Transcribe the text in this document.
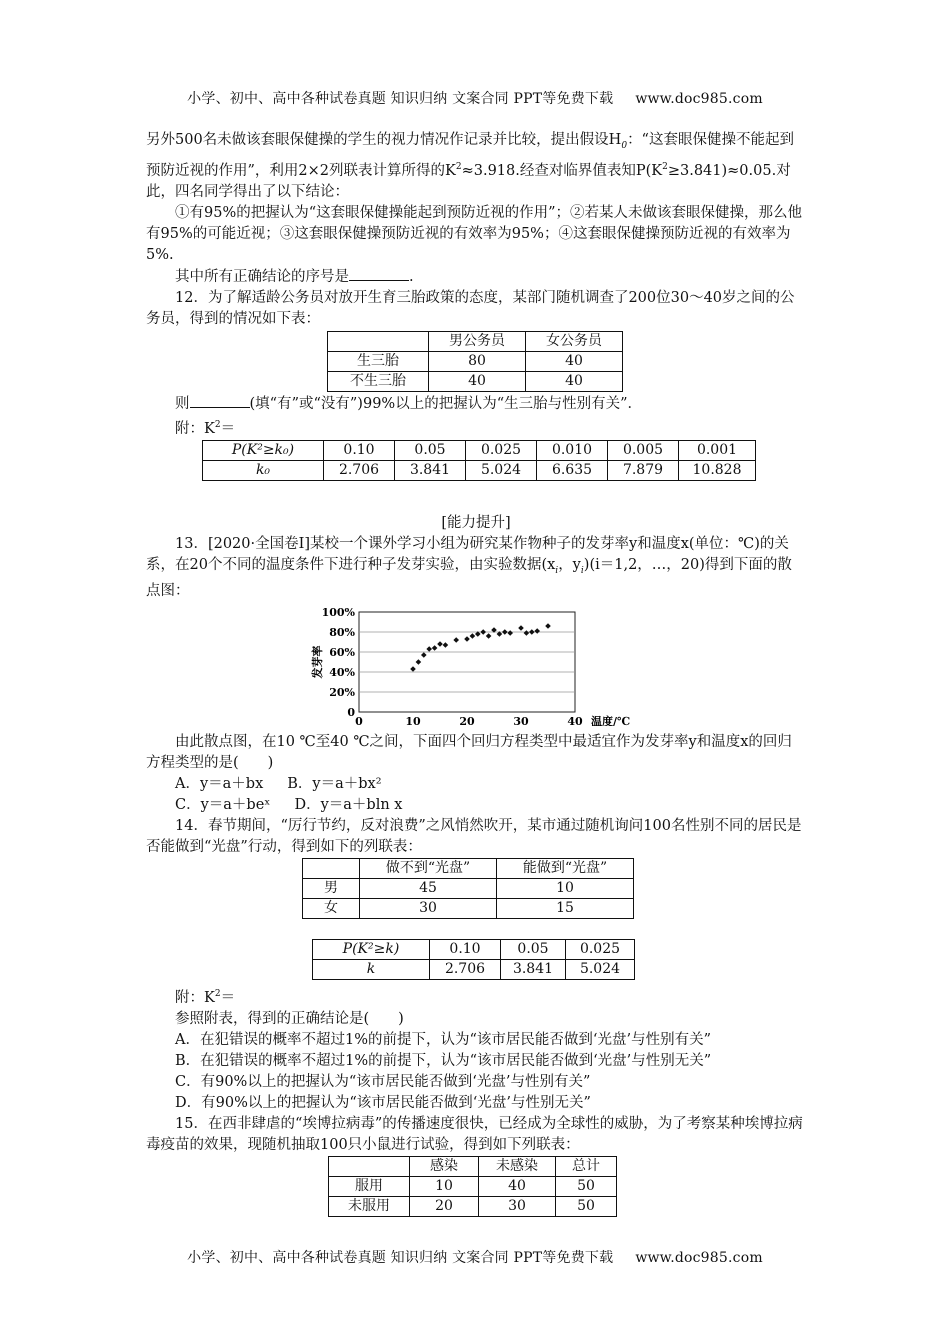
小学、初中、高中各种试卷真题 知识归纳 文案合同 PPT等免费下载 www.doc985.com

另外500名未做该套眼保健操的学生的视力情况作记录并比较，提出假设$H_0$：“这套眼保健操不能起到预防近视的作用”，利用2×2列联表计算所得的$K^2\approx 3.918$.经查对临界值表知$P(K^2\ge 3.841)\approx 0.05$.对此，四名同学得出了以下结论：

①有95%的把握认为“这套眼保健操能起到预防近视的作用”；②若某人未做该套眼保健操，那么他有95%的可能近视；③这套眼保健操预防近视的有效率为95%；④这套眼保健操预防近视的有效率为5%.

其中所有正确结论的序号是	.

12．为了解适龄公务员对放开生育三胎政策的态度，某部门随机调查了200位30～40岁之间的公务员，得到的情况如下表：

	男公务员	女公务员
生三胎	80	40
不生三胎	40	40

则	(填“有”或“没有”)99%以上的把握认为“生三胎与性别有关”．

附：$K^2=$

P(K²≥k₀)	0.10	0.05	0.025	0.010	0.005	0.001
k₀	2.706	3.841	5.024	6.635	7.879	10.828

[能力提升]

13．[2020·全国卷Ⅰ]某校一个课外学习小组为研究某作物种子的发芽率y和温度x(单位：℃)的关系，在20个不同的温度条件下进行种子发芽实验，由实验数据($x_i$，$y_i)(i=1,2$，…，20)得到下面的散点图：

0
20%
40%
60%
80%
100%
0	10	20	30	40 温度/℃
发芽率

由此散点图，在10 ℃至40 ℃之间，下面四个回归方程类型中最适宜作为发芽率y和温度x的回归方程类型的是(　　)

A．y＝a＋bx B．y＝a＋bx²

C．y＝a＋beˣ D．y＝a＋bln x

14．春节期间，“厉行节约，反对浪费”之风悄然吹开，某市通过随机询问100名性别不同的居民是否能做到“光盘”行动，得到如下的列联表：

	做不到“光盘”	能做到“光盘”
男	45	10
女	30	15
P(K²≥k)	0.10	0.05	0.025
k	2.706	3.841	5.024

附：$K^2=$

参照附表，得到的正确结论是(　　)

A．在犯错误的概率不超过1%的前提下，认为“该市居民能否做到‘光盘’与性别有关”

B．在犯错误的概率不超过1%的前提下，认为“该市居民能否做到‘光盘’与性别无关”

C．有90%以上的把握认为“该市居民能否做到‘光盘’与性别有关”

D．有90%以上的把握认为“该市居民能否做到‘光盘’与性别无关”

15．在西非肆虐的“埃博拉病毒”的传播速度很快，已经成为全球性的威胁，为了考察某种埃博拉病毒疫苗的效果，现随机抽取100只小鼠进行试验，得到如下列联表：

	感染	未感染	总计
服用	10	40	50
未服用	20	30	50
小学、初中、高中各种试卷真题 知识归纳 文案合同 PPT等免费下载 www.doc985.com
